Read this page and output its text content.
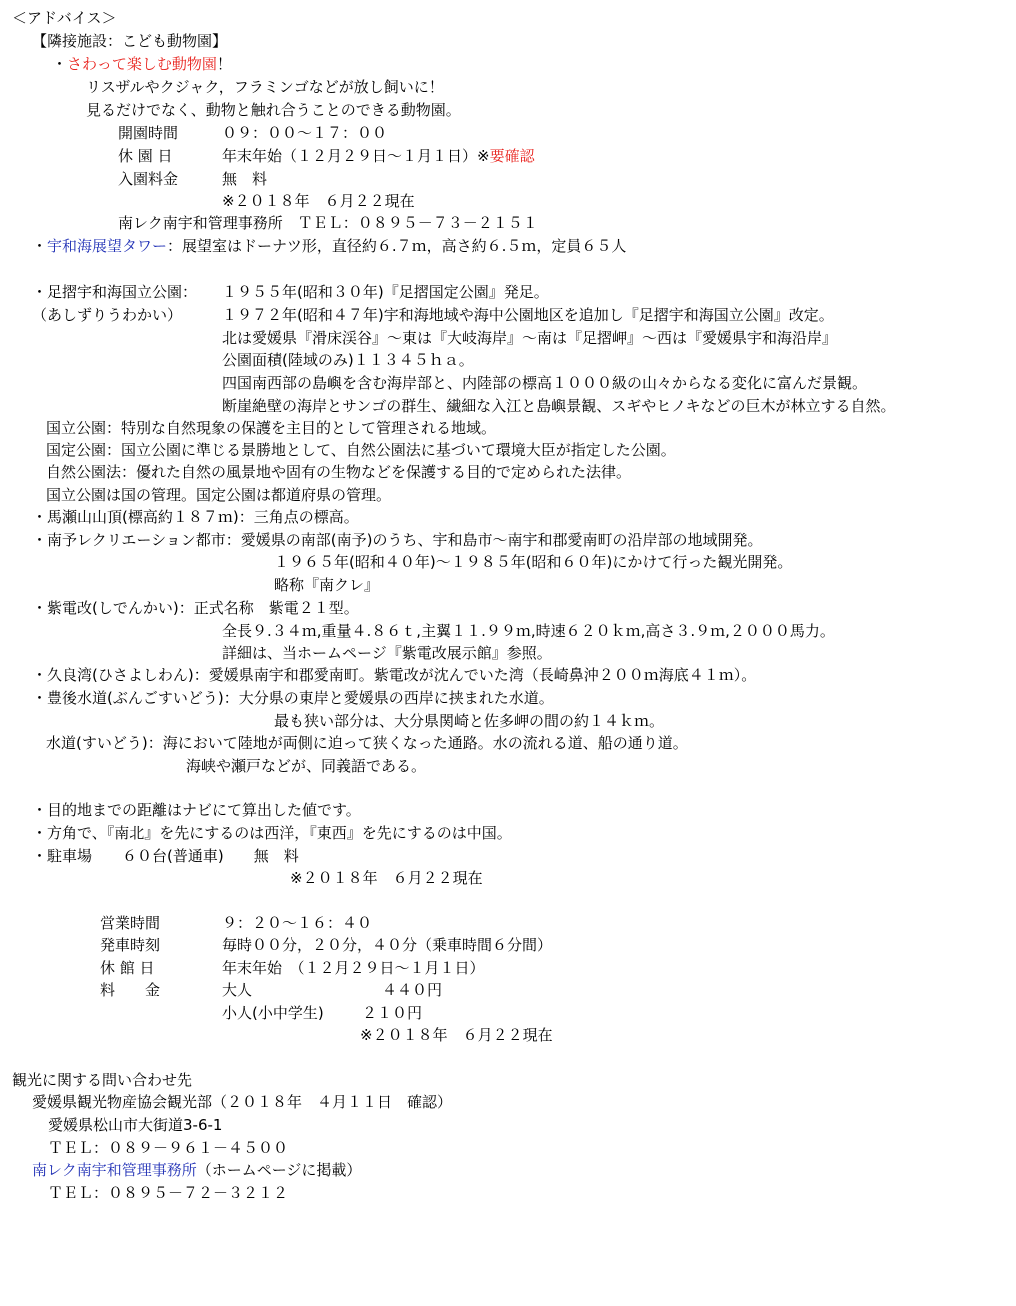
＜アドバイス＞
【隣接施設：こども動物園】
・さわって楽しむ動物園！
リスザルやクジャク，フラミンゴなどが放し飼いに！
見るだけでなく、動物と触れ合うことのできる動物園。
開園時間	０９：００～１７：００
休 園 日	年末年始（１２月２９日～１月１日）※要確認
入園料金	無　料
※２０１８年　６月２２現在
南レク南宇和管理事務所　ＴＥＬ：０８９５－７３－２１５１
・宇和海展望タワー：展望室はドーナツ形，直径約６.７ｍ，高さ約６.５ｍ，定員６５人
・足摺宇和海国立公園： １９５５年(昭和３０年)『足摺国定公園』発足。
（あしずりうわかい）	１９７２年(昭和４７年)宇和海地域や海中公園地区を追加し『足摺宇和海国立公園』改定。
北は愛媛県『滑床渓谷』～東は『大岐海岸』～南は『足摺岬』～西は『愛媛県宇和海沿岸』
公園面積(陸域のみ)１１３４５ｈａ。
四国南西部の島嶼を含む海岸部と、内陸部の標高１０００級の山々からなる変化に富んだ景観。
断崖絶壁の海岸とサンゴの群生、繊細な入江と島嶼景観、スギやヒノキなどの巨木が林立する自然。
国立公園：特別な自然現象の保護を主目的として管理される地域。
国定公園：国立公園に準じる景勝地として、自然公園法に基づいて環境大臣が指定した公園。
自然公園法：優れた自然の風景地や固有の生物などを保護する目的で定められた法律。
国立公園は国の管理。国定公園は都道府県の管理。
・馬瀬山山頂(標高約１８７ｍ)：三角点の標高。
・南予レクリエーション都市：愛媛県の南部(南予)のうち、宇和島市～南宇和郡愛南町の沿岸部の地域開発。
１９６５年(昭和４０年)～１９８５年(昭和６０年)にかけて行った観光開発。
略称『南クレ』
・紫電改(しでんかい)：正式名称　紫電２１型。
全長９.３４ｍ,重量４.８６ｔ,主翼１１.９９ｍ,時速６２０ｋｍ,高さ３.９ｍ,２０００馬力。
詳細は、当ホームページ『紫電改展示館』参照。
・久良湾(ひさよしわん)：愛媛県南宇和郡愛南町。紫電改が沈んでいた湾（長崎鼻沖２００ｍ海底４１ｍ）。
・豊後水道(ぶんごすいどう)：大分県の東岸と愛媛県の西岸に挟まれた水道。
最も狭い部分は、大分県関崎と佐多岬の間の約１４ｋｍ。
水道(すいどう)：海において陸地が両側に迫って狭くなった通路。水の流れる道、船の通り道。
海峡や瀬戸などが、同義語である。
・目的地までの距離はナビにて算出した値です。
・方角で、『南北』を先にするのは西洋，『東西』を先にするのは中国。
・駐車場　　６０台(普通車)　　無　料
※２０１８年　６月２２現在
営業時間	９：２０～１６：４０
発車時刻	毎時００分，２０分，４０分（乗車時間６分間）
休 館 日	年末年始　（１２月２９日～１月１日）
料　　金	大人	４４０円
小人(小中学生)	２１０円
※２０１８年　６月２２現在
観光に関する問い合わせ先
愛媛県観光物産協会観光部（２０１８年　４月１１日　確認）
愛媛県松山市大街道3-6-1
ＴＥＬ：０８９－９６１－４５００
南レク南宇和管理事務所（ホームページに掲載）
ＴＥＬ：０８９５－７２－３２１２
